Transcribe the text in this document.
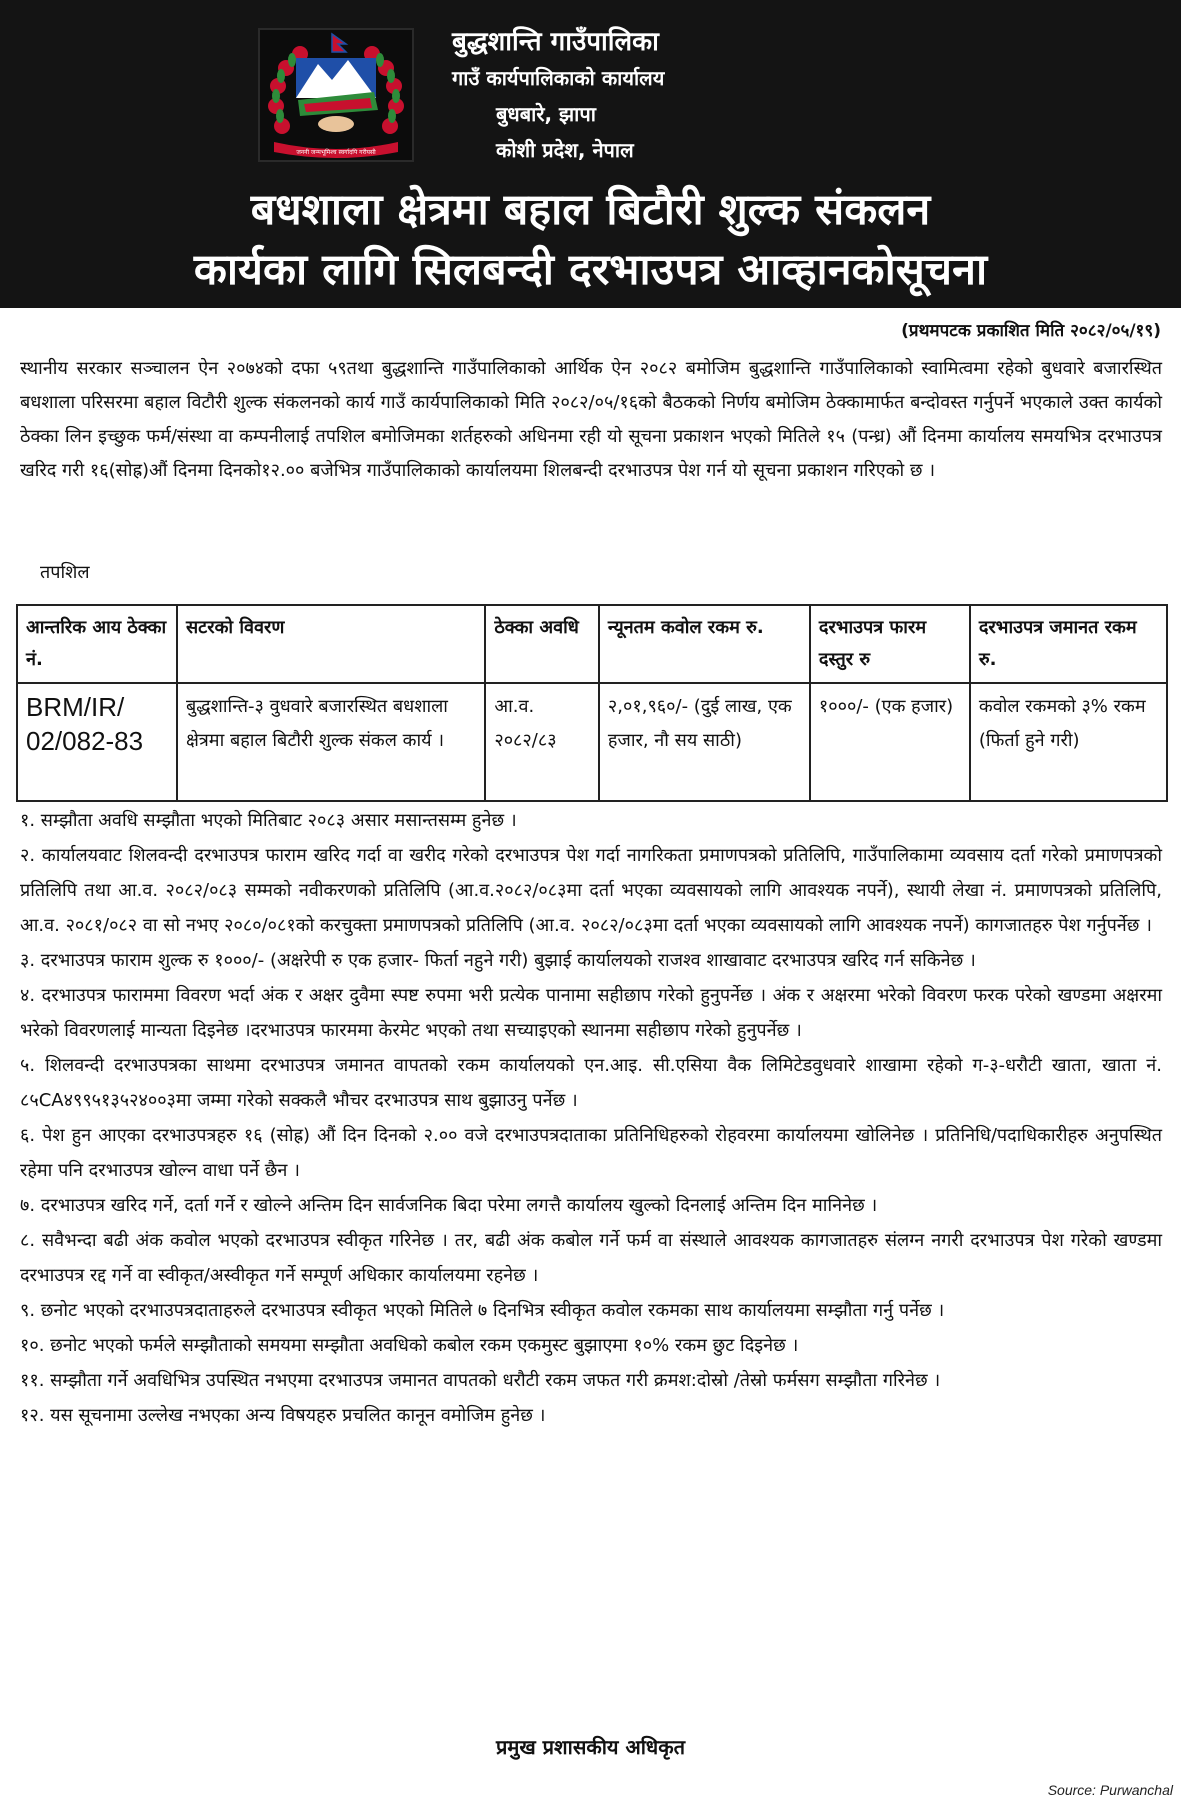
जननी जन्मभूमिश्च स्वर्गादपि गरीयसी
बुद्धशान्ति गाउँपालिका
गाउँ कार्यपालिकाको कार्यालय
बुधबारे, झापा
कोशी प्रदेश, नेपाल
बधशाला क्षेत्रमा बहाल बिटौरी शुल्क संकलन
कार्यका लागि सिलबन्दी दरभाउपत्र आव्हानकोसूचना
(प्रथमपटक प्रकाशित मिति २०८२/०५/१९)

स्थानीय सरकार सञ्चालन ऐन २०७४को दफा ५९तथा बुद्धशान्ति गाउँपालिकाको आर्थिक ऐन २०८२ बमोजिम बुद्धशान्ति गाउँपालिकाको स्वामित्वमा रहेको बुधवारे बजारस्थित बधशाला परिसरमा बहाल विटौरी शुल्क संकलनको कार्य गाउँ कार्यपालिकाको मिति २०८२/०५/१६को बैठकको निर्णय बमोजिम ठेक्कामार्फत बन्दोवस्त गर्नुपर्ने भएकाले उक्त कार्यको ठेक्का लिन इच्छुक फर्म/संस्था वा कम्पनीलाई तपशिल बमोजिमका शर्तहरुको अधिनमा रही यो सूचना प्रकाशन भएको मितिले १५ (पन्ध्र) औं दिनमा कार्यालय समयभित्र दरभाउपत्र खरिद गरी १६(सोह्र)औं दिनमा दिनको१२.०० बजेभित्र गाउँपालिकाको कार्यालयमा शिलबन्दी दरभाउपत्र पेश गर्न यो सूचना प्रकाशन गरिएको छ ।

तपशिल
आन्तरिक आय ठेक्का नं.	सटरको विवरण	ठेक्का अवधि	न्यूनतम कवोल रकम रु.	दरभाउपत्र फारम दस्तुर रु	दरभाउपत्र जमानत रकम रु.
BRM/IR/ 02/082-83	बुद्धशान्ति-३ वुधवारे बजारस्थित बधशाला क्षेत्रमा बहाल बिटौरी शुल्क संकल कार्य ।	आ.व. २०८२/८३	२,०१,९६०/- (दुई लाख, एक हजार, नौ सय साठी)	१०००/- (एक हजार)	कवोल रकमको ३% रकम (फिर्ता हुने गरी)
१. सम्झौता अवधि सम्झौता भएको मितिबाट २०८३ असार मसान्तसम्म हुनेछ ।
२. कार्यालयवाट शिलवन्दी दरभाउपत्र फाराम खरिद गर्दा वा खरीद गरेको दरभाउपत्र पेश गर्दा नागरिकता प्रमाणपत्रको प्रतिलिपि, गाउँपालिकामा व्यवसाय दर्ता गरेको प्रमाणपत्रको प्रतिलिपि तथा आ.व. २०८२/०८३ सम्मको नवीकरणको प्रतिलिपि (आ.व.२०८२/०८३मा दर्ता भएका व्यवसायको लागि आवश्यक नपर्ने), स्थायी लेखा नं. प्रमाणपत्रको प्रतिलिपि, आ.व. २०८१/०८२ वा सो नभए २०८०/०८१को करचुक्ता प्रमाणपत्रको प्रतिलिपि (आ.व. २०८२/०८३मा दर्ता भएका व्यवसायको लागि आवश्यक नपर्ने) कागजातहरु पेश गर्नुपर्नेछ ।
३. दरभाउपत्र फाराम शुल्क रु १०००/- (अक्षरेपी रु एक हजार- फिर्ता नहुने गरी) बुझाई कार्यालयको राजश्व शाखावाट दरभाउपत्र खरिद गर्न सकिनेछ ।
४. दरभाउपत्र फाराममा विवरण भर्दा अंक र अक्षर दुवैमा स्पष्ट रुपमा भरी प्रत्येक पानामा सहीछाप गरेको हुनुपर्नेछ । अंक र अक्षरमा भरेको विवरण फरक परेको खण्डमा अक्षरमा भरेको विवरणलाई मान्यता दिइनेछ ।दरभाउपत्र फारममा केरमेट भएको तथा सच्याइएको स्थानमा सहीछाप गरेको हुनुपर्नेछ ।
५. शिलवन्दी दरभाउपत्रका साथमा दरभाउपत्र जमानत वापतको रकम कार्यालयको एन.आइ. सी.एसिया वैक लिमिटेडवुधवारे शाखामा रहेको ग-३-धरौटी खाता, खाता नं. ८५CA४९९५१३५२४००३मा जम्मा गरेको सक्कलै भौचर दरभाउपत्र साथ बुझाउनु पर्नेछ ।
६. पेश हुन आएका दरभाउपत्रहरु १६ (सोह्र) औं दिन दिनको २.०० वजे दरभाउपत्रदाताका प्रतिनिधिहरुको रोहवरमा कार्यालयमा खोलिनेछ । प्रतिनिधि/पदाधिकारीहरु अनुपस्थित रहेमा पनि दरभाउपत्र खोल्न वाधा पर्ने छैन ।
७. दरभाउपत्र खरिद गर्ने, दर्ता गर्ने र खोल्ने अन्तिम दिन सार्वजनिक बिदा परेमा लगत्तै कार्यालय खुल्को दिनलाई अन्तिम दिन मानिनेछ ।
८. सवैभन्दा बढी अंक कवोल भएको दरभाउपत्र स्वीकृत गरिनेछ । तर, बढी अंक कबोल गर्ने फर्म वा संस्थाले आवश्यक कागजातहरु संलग्न नगरी दरभाउपत्र पेश गरेको खण्डमा दरभाउपत्र रद्द गर्ने वा स्वीकृत/अस्वीकृत गर्ने सम्पूर्ण अधिकार कार्यालयमा रहनेछ ।
९. छनोट भएको दरभाउपत्रदाताहरुले दरभाउपत्र स्वीकृत भएको मितिले ७ दिनभित्र स्वीकृत कवोल रकमका साथ कार्यालयमा सम्झौता गर्नु पर्नेछ ।
१०. छनोट भएको फर्मले सम्झौताको समयमा सम्झौता अवधिको कबोल रकम एकमुस्ट बुझाएमा १०% रकम छुट दिइनेछ ।
११. सम्झौता गर्ने अवधिभित्र उपस्थित नभएमा दरभाउपत्र जमानत वापतको धरौटी रकम जफत गरी क्रमश:दोस्रो /तेस्रो फर्मसग सम्झौता गरिनेछ ।
१२. यस सूचनामा उल्लेख नभएका अन्य विषयहरु प्रचलित कानून वमोजिम हुनेछ ।
प्रमुख प्रशासकीय अधिकृत
Source: Purwanchal
